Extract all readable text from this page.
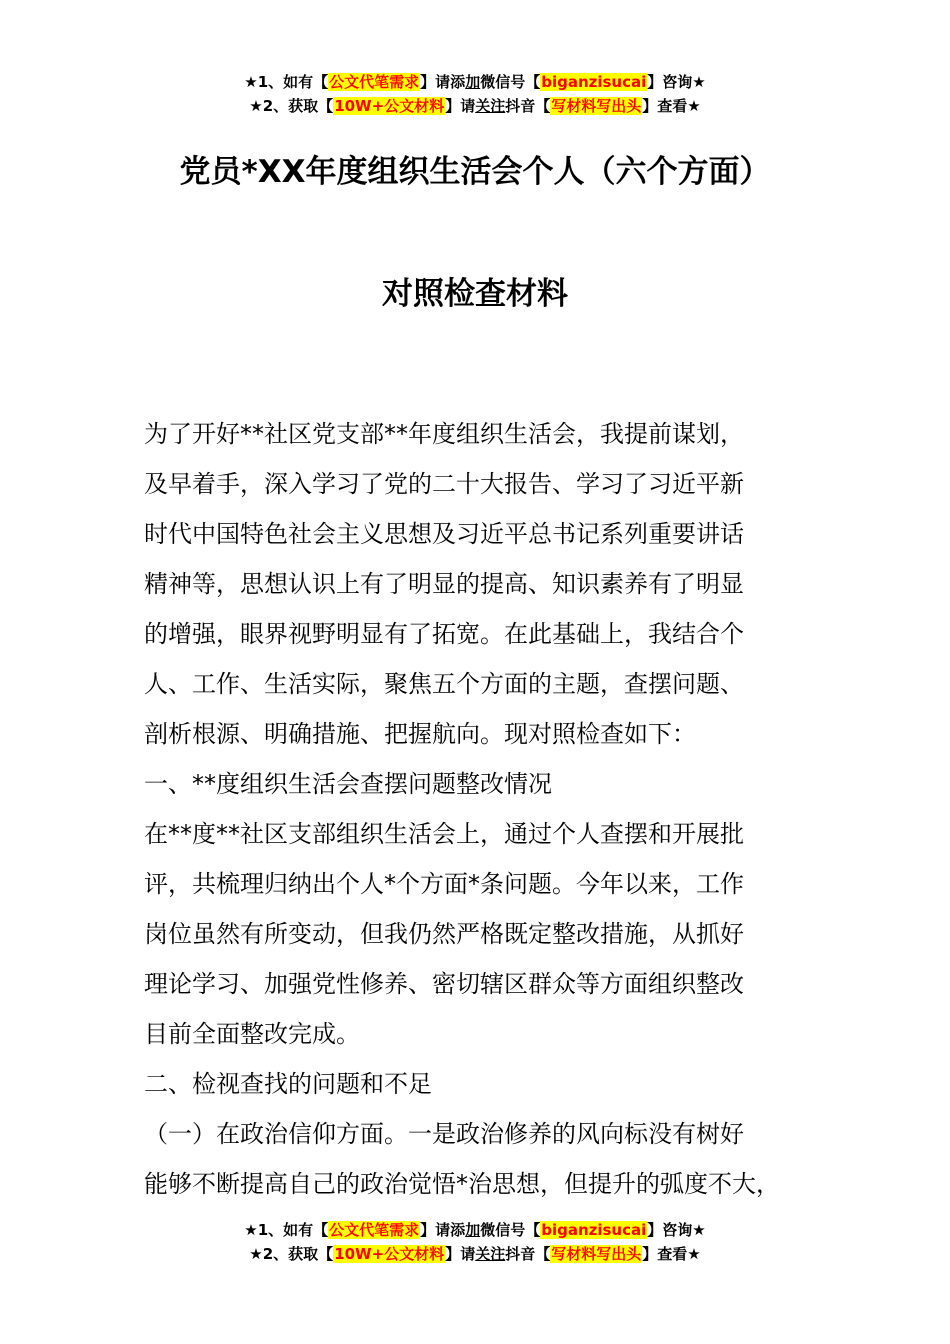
★1、如有【公文代笔需求】请添加微信号【biganzisucai】咨询★
★2、获取【10W+公文材料】请关注抖音【写材料写出头】查看★
党员*XX年度组织生活会个人（六个方面）
对照检查材料
为了开好**社区党支部**年度组织生活会，我提前谋划，
及早着手，深入学习了党的二十大报告、学习了习近平新
时代中国特色社会主义思想及习近平总书记系列重要讲话
精神等，思想认识上有了明显的提高、知识素养有了明显
的增强，眼界视野明显有了拓宽。在此基础上，我结合个
人、工作、生活实际，聚焦五个方面的主题，查摆问题、
剖析根源、明确措施、把握航向。现对照检查如下：
一、**度组织生活会查摆问题整改情况
在**度**社区支部组织生活会上，通过个人查摆和开展批
评，共梳理归纳出个人*个方面*条问题。今年以来，工作
岗位虽然有所变动，但我仍然严格既定整改措施，从抓好
理论学习、加强党性修养、密切辖区群众等方面组织整改
目前全面整改完成。
二、检视查找的问题和不足
（一）在政治信仰方面。一是政治修养的风向标没有树好
能够不断提高自己的政治觉悟*治思想，但提升的弧度不大，
★1、如有【公文代笔需求】请添加微信号【biganzisucai】咨询★
★2、获取【10W+公文材料】请关注抖音【写材料写出头】查看★
